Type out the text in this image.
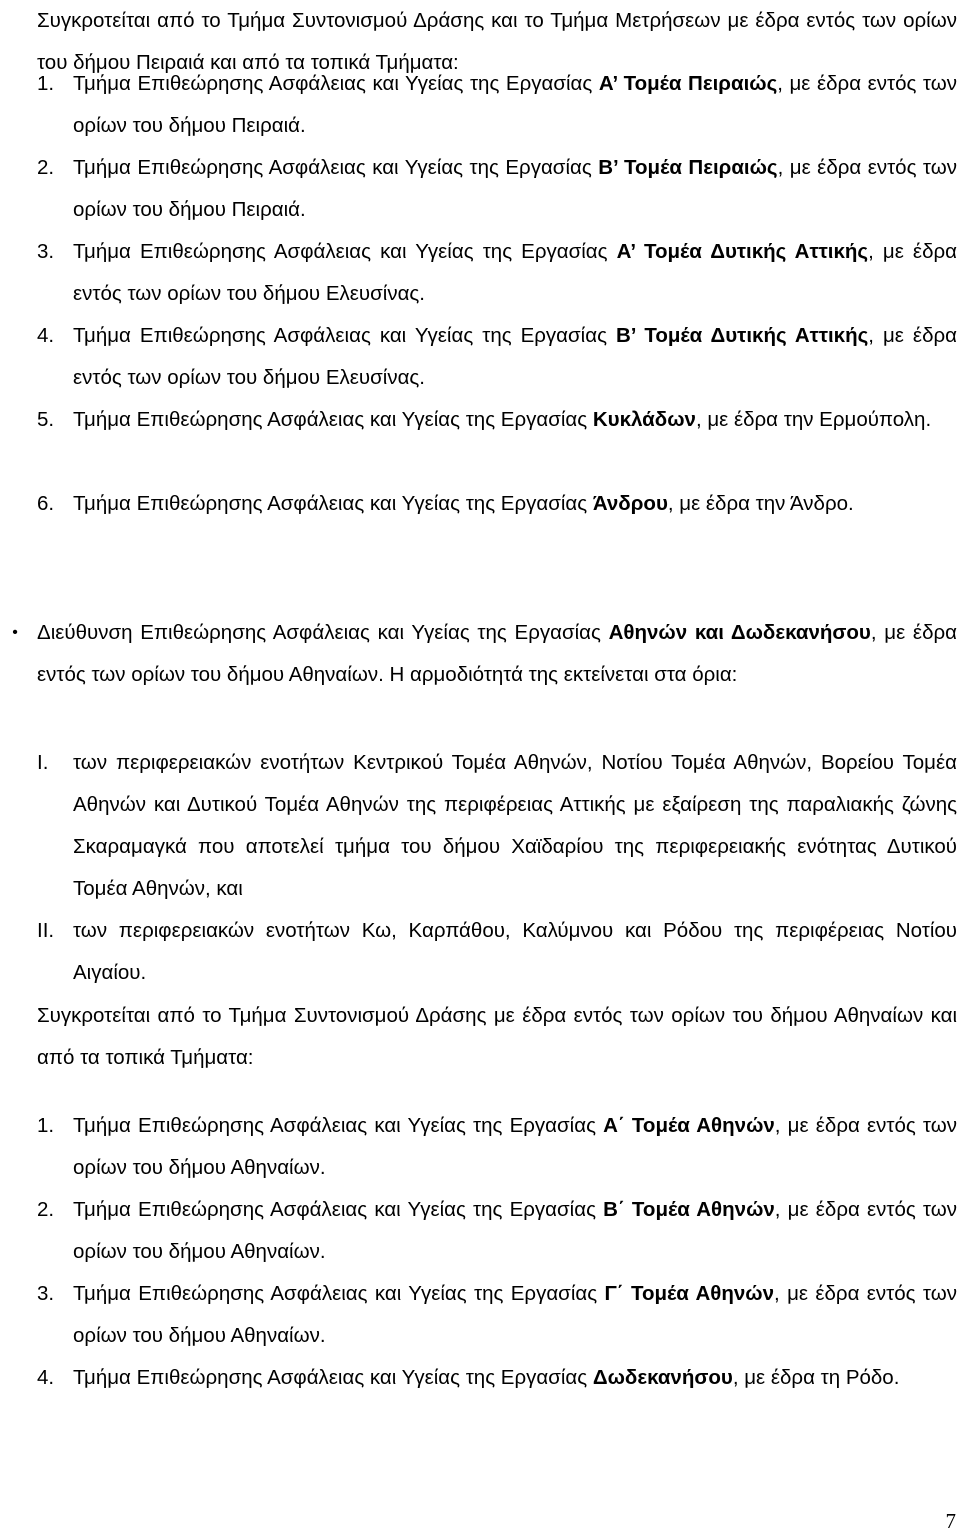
Συγκροτείται από το Τμήμα Συντονισμού Δράσης και το Τμήμα Μετρήσεων με έδρα εντός των ορίων του δήμου Πειραιά και από τα τοπικά Τμήματα:
1. Τμήμα Επιθεώρησης Ασφάλειας και Υγείας της Εργασίας Α’ Τομέα Πειραιώς, με έδρα εντός των ορίων του δήμου Πειραιά.
2. Τμήμα Επιθεώρησης Ασφάλειας και Υγείας της Εργασίας Β’ Τομέα Πειραιώς, με έδρα εντός των ορίων του δήμου Πειραιά.
3. Τμήμα Επιθεώρησης Ασφάλειας και Υγείας της Εργασίας Α’ Τομέα Δυτικής Αττικής, με έδρα εντός των ορίων του δήμου Ελευσίνας.
4. Τμήμα Επιθεώρησης Ασφάλειας και Υγείας της Εργασίας Β’ Τομέα Δυτικής Αττικής, με έδρα εντός των ορίων του δήμου Ελευσίνας.
5. Τμήμα Επιθεώρησης Ασφάλειας και Υγείας της Εργασίας Κυκλάδων, με έδρα την Ερμούπολη.
6. Τμήμα Επιθεώρησης Ασφάλειας και Υγείας της Εργασίας Άνδρου, με έδρα την Άνδρο.
• Διεύθυνση Επιθεώρησης Ασφάλειας και Υγείας της Εργασίας Αθηνών και Δωδεκανήσου, με έδρα εντός των ορίων του δήμου Αθηναίων. Η αρμοδιότητά της εκτείνεται στα όρια:
I. των περιφερειακών ενοτήτων Κεντρικού Τομέα Αθηνών, Νοτίου Τομέα Αθηνών, Βορείου Τομέα Αθηνών και Δυτικού Τομέα Αθηνών της περιφέρειας Αττικής με εξαίρεση της παραλιακής ζώνης Σκαραμαγκά που αποτελεί τμήμα του δήμου Χαϊδαρίου της περιφερειακής ενότητας Δυτικού Τομέα Αθηνών, και
II. των περιφερειακών ενοτήτων Κω, Καρπάθου, Καλύμνου και Ρόδου της περιφέρειας Νοτίου Αιγαίου.
Συγκροτείται από το Τμήμα Συντονισμού Δράσης με έδρα εντός των ορίων του δήμου Αθηναίων και από τα τοπικά Τμήματα:
1. Τμήμα Επιθεώρησης Ασφάλειας και Υγείας της Εργασίας Α΄ Τομέα Αθηνών, με έδρα εντός των ορίων του δήμου Αθηναίων.
2. Τμήμα Επιθεώρησης Ασφάλειας και Υγείας της Εργασίας Β΄ Τομέα Αθηνών, με έδρα εντός των ορίων του δήμου Αθηναίων.
3. Τμήμα Επιθεώρησης Ασφάλειας και Υγείας της Εργασίας Γ΄ Τομέα Αθηνών, με έδρα εντός των ορίων του δήμου Αθηναίων.
4. Τμήμα Επιθεώρησης Ασφάλειας και Υγείας της Εργασίας Δωδεκανήσου, με έδρα τη Ρόδο.
7
